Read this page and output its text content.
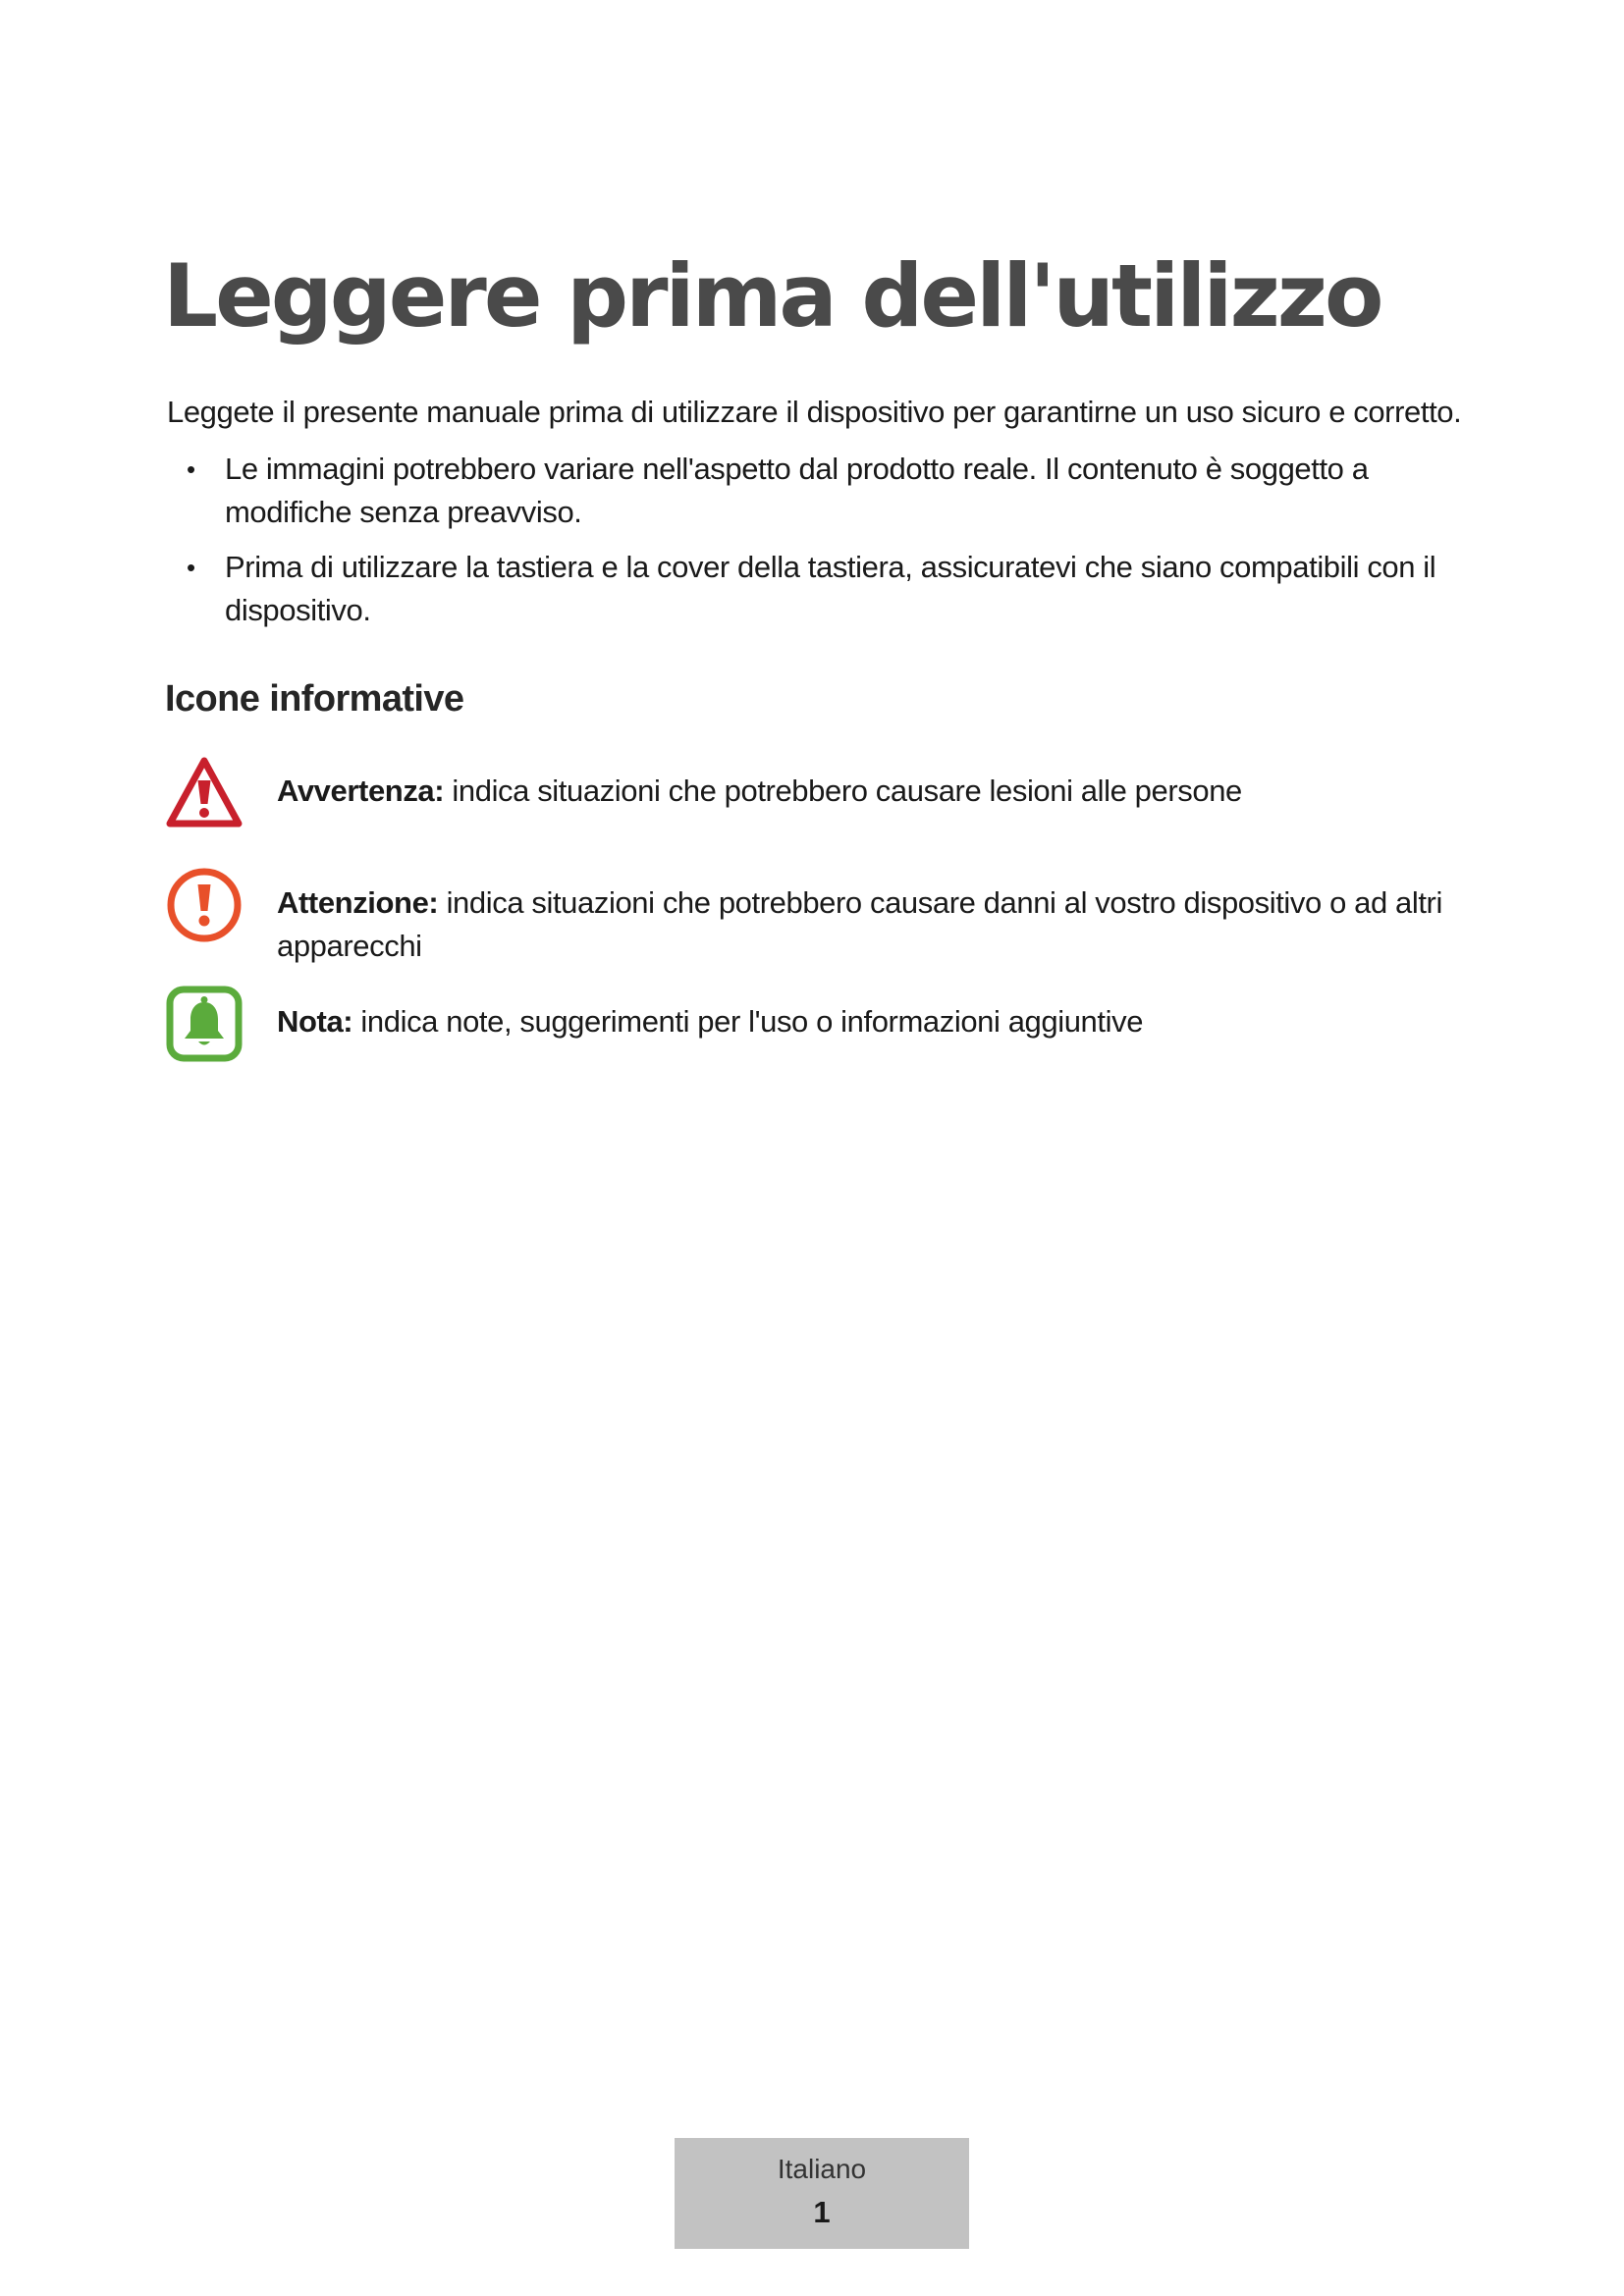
Leggere prima dell'utilizzo

Leggete il presente manuale prima di utilizzare il dispositivo per garantirne un uso sicuro e corretto.

• Le immagini potrebbero variare nell'aspetto dal prodotto reale. Il contenuto è soggetto a modifiche senza preavviso.
• Prima di utilizzare la tastiera e la cover della tastiera, assicuratevi che siano compatibili con il dispositivo.
Icone informative

Avvertenza: indica situazioni che potrebbero causare lesioni alle persone

Attenzione: indica situazioni che potrebbero causare danni al vostro dispositivo o ad altri apparecchi

Nota: indica note, suggerimenti per l'uso o informazioni aggiuntive

Italiano
1
